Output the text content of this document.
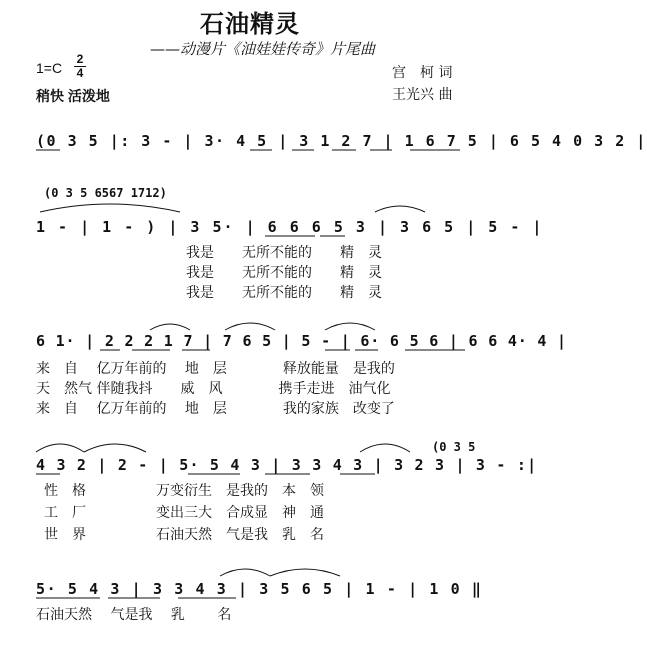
石油精灵
——动漫片《油娃娃传奇》片尾曲
1=C
2
4
稍快 活泼地
宫　柯 词
王光兴 曲
(0 3 5 |: 3 - | 3· 4 5 | 3 1 2 7 | 1 6 7 5 | 6 5 4 0 3 2 |
(0 3 5 6567 1712)
1 - | 1 - ) | 3 5· | 6 6 6 5 3 | 3 6 5 | 5 - |
我是　　无所不能的　　精　灵
我是　　无所不能的　　精　灵
我是　　无所不能的　　精　灵
6 1· | 2 2 2 1 7 | 7 6 5 | 5 - | 6· 6 5 6 | 6 6 4· 4 |
来　自　 亿万年前的　 地　层　　　　释放能量　是我的
天　然气 伴随我抖　　威　风　　　　携手走进　油气化
来　自　 亿万年前的　 地　层　　　　我的家族　改变了
4 3 2 | 2 - | 5· 5 4 3 | 3 3 4 3 | 3 2 3 | 3 - :|
(0 3 5
性　格　　　　　万变衍生　是我的　本　领
工　厂　　　　　变出三大　合成显　神　通
世　界　　　　　石油天然　气是我　乳　名
5· 5 4 3 | 3 3 4 3 | 3 5 6 5 | 1 - | 1 0 ‖
石油天然　 气是我　 乳　　 名
